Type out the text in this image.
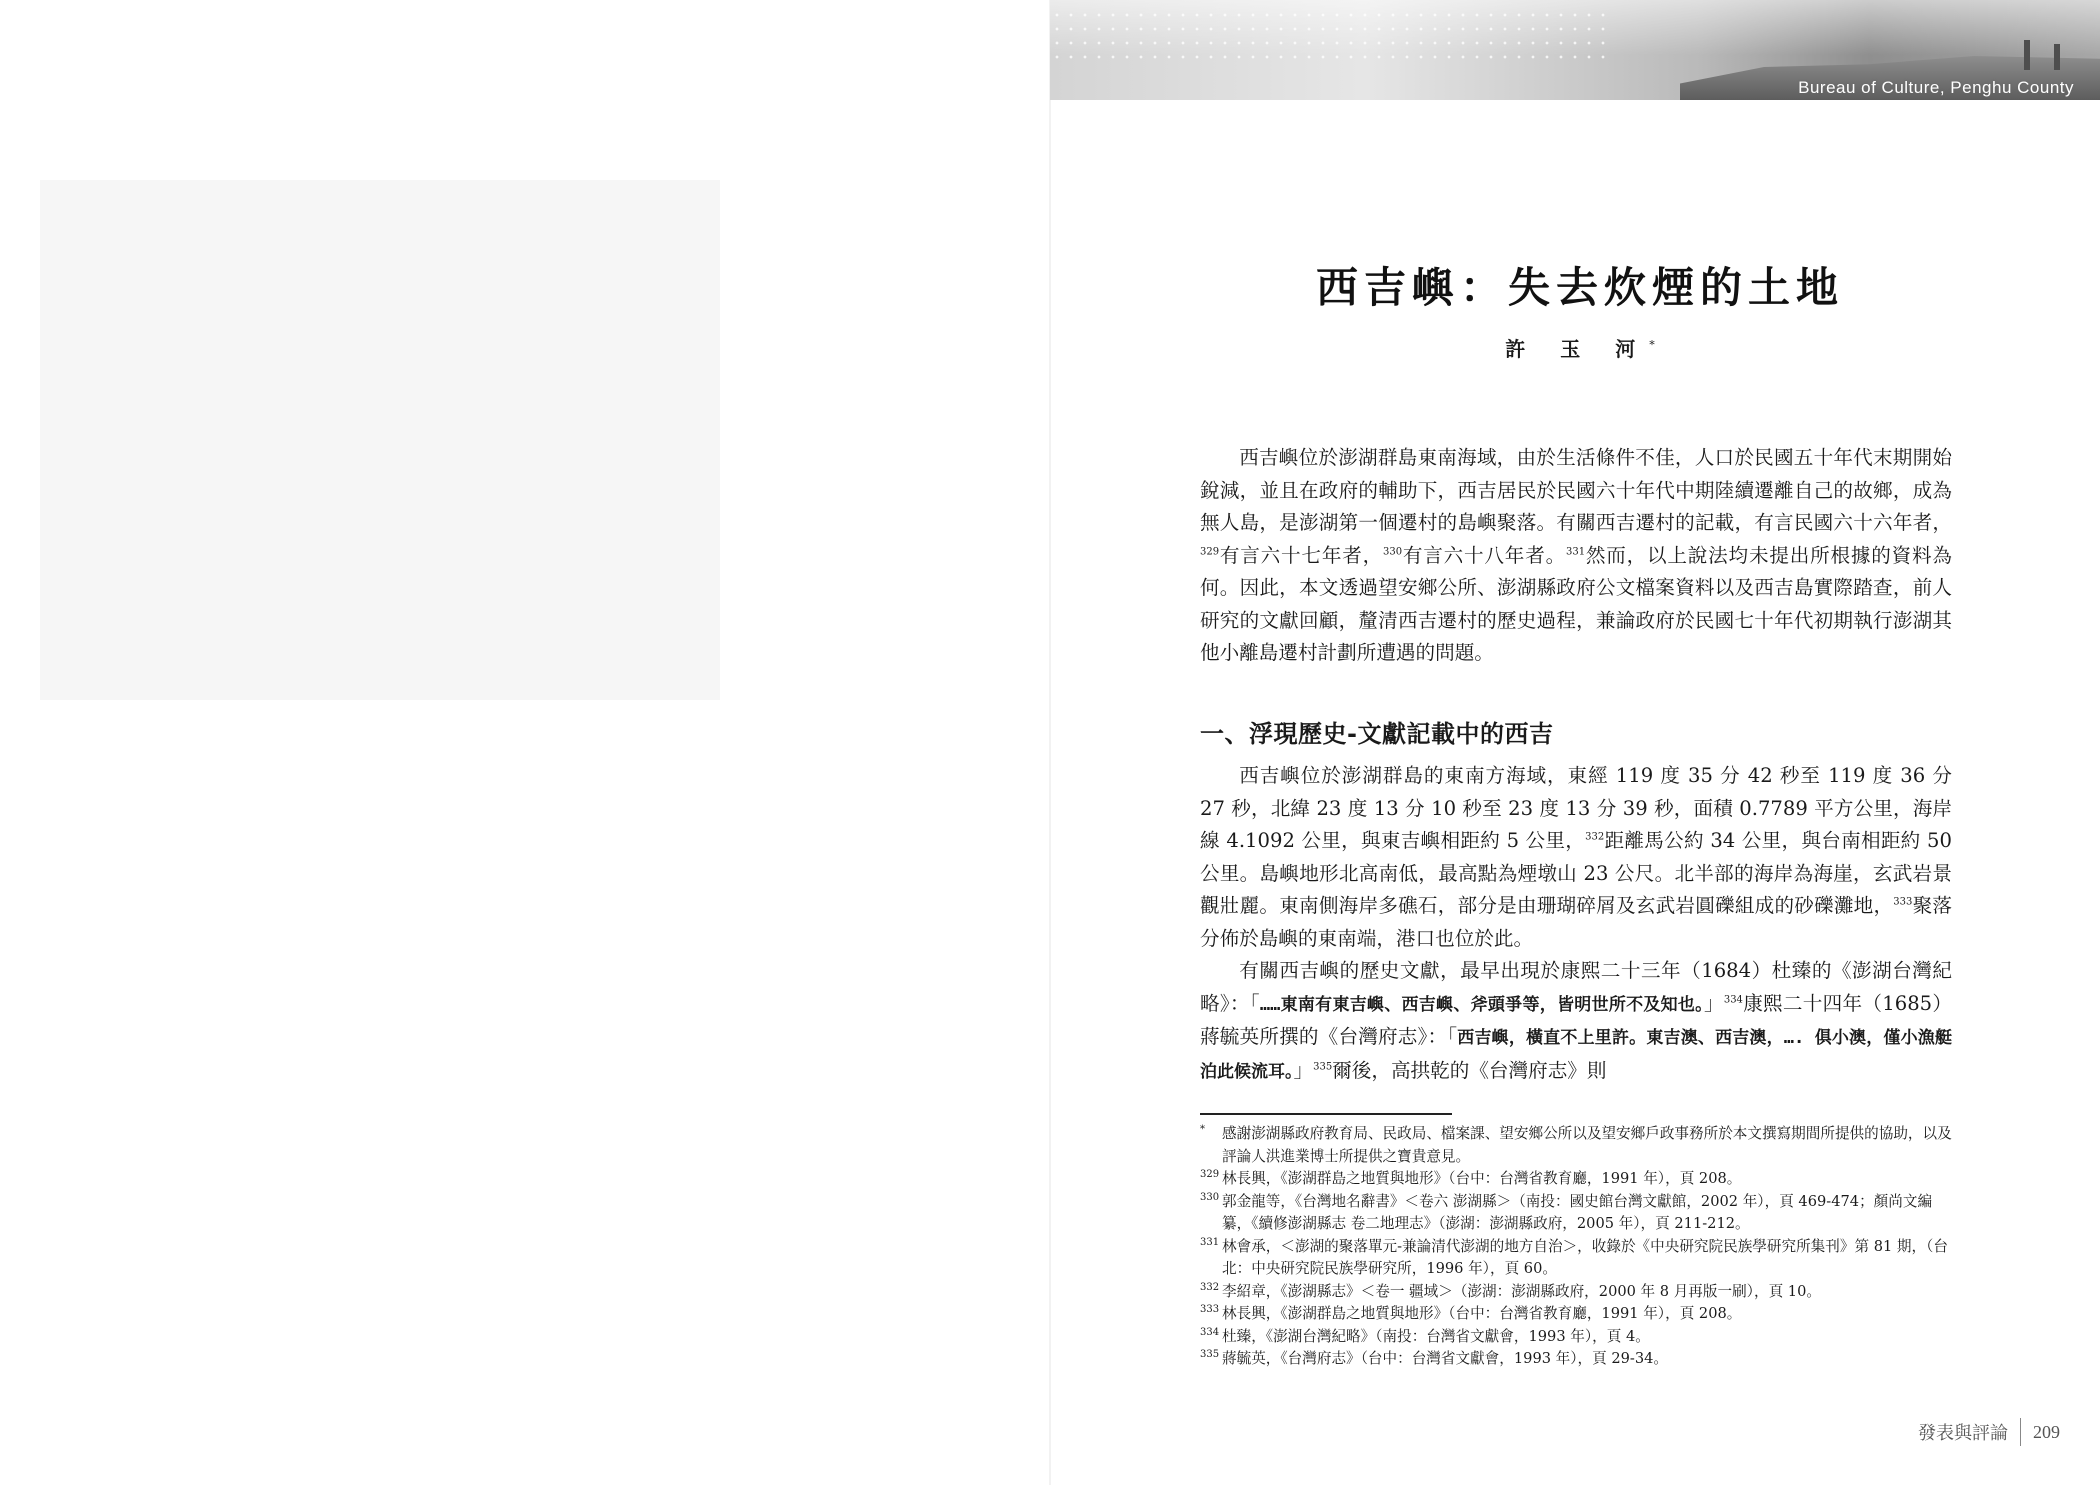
Bureau of Culture, Penghu County
西吉嶼：失去炊煙的土地
許 玉 河*

西吉嶼位於澎湖群島東南海域，由於生活條件不佳，人口於民國五十年代末期開始銳減，並且在政府的輔助下，西吉居民於民國六十年代中期陸續遷離自己的故鄉，成為無人島，是澎湖第一個遷村的島嶼聚落。有關西吉遷村的記載，有言民國六十六年者，$^{329}$有言六十七年者，$^{330}$有言六十八年者。$^{331}$然而，以上說法均未提出所根據的資料為何。因此，本文透過望安鄉公所、澎湖縣政府公文檔案資料以及西吉島實際踏查，前人研究的文獻回顧，釐清西吉遷村的歷史過程，兼論政府於民國七十年代初期執行澎湖其他小離島遷村計劃所遭遇的問題。

一、浮現歷史-文獻記載中的西吉

西吉嶼位於澎湖群島的東南方海域，東經 119 度 35 分 42 秒至 119 度 36 分 27 秒，北緯 23 度 13 分 10 秒至 23 度 13 分 39 秒，面積 0.7789 平方公里，海岸線 4.1092 公里，與東吉嶼相距約 5 公里，$^{332}$距離馬公約 34 公里，與台南相距約 50 公里。島嶼地形北高南低，最高點為煙墩山 23 公尺。北半部的海岸為海崖，玄武岩景觀壯麗。東南側海岸多礁石，部分是由珊瑚碎屑及玄武岩圓礫組成的砂礫灘地，$^{333}$聚落分佈於島嶼的東南端，港口也位於此。

有關西吉嶼的歷史文獻，最早出現於康熙二十三年（1684）杜臻的《澎湖台灣紀略》：「……東南有東吉嶼、西吉嶼、斧頭爭等，皆明世所不及知也。」$^{334}$康熙二十四年（1685）蔣毓英所撰的《台灣府志》：「西吉嶼，橫直不上里許。東吉澳、西吉澳，…. 俱小澳，僅小漁艇泊此候流耳。」$^{335}$爾後，高拱乾的《台灣府志》則

*	感謝澎湖縣政府教育局、民政局、檔案課、望安鄉公所以及望安鄉戶政事務所於本文撰寫期間所提供的協助，以及評論人洪進業博士所提供之寶貴意見。
329 林長興，《澎湖群島之地質與地形》（台中：台灣省教育廳，1991 年），頁 208。
330 郭金龍等，《台灣地名辭書》＜卷六 澎湖縣＞（南投：國史館台灣文獻館，2002 年），頁 469-474；顏尚文編纂，《續修澎湖縣志 卷二地理志》（澎湖：澎湖縣政府，2005 年），頁 211-212。
331 林會承，＜澎湖的聚落單元-兼論清代澎湖的地方自治＞，收錄於《中央研究院民族學研究所集刊》第 81 期，（台北：中央研究院民族學研究所，1996 年），頁 60。
332 李紹章，《澎湖縣志》＜卷一 疆域＞（澎湖：澎湖縣政府，2000 年 8 月再版一刷），頁 10。
333 林長興，《澎湖群島之地質與地形》（台中：台灣省教育廳，1991 年），頁 208。
334 杜臻，《澎湖台灣紀略》（南投：台灣省文獻會，1993 年），頁 4。
335 蔣毓英，《台灣府志》（台中：台灣省文獻會，1993 年），頁 29-34。
發表與評論 209
